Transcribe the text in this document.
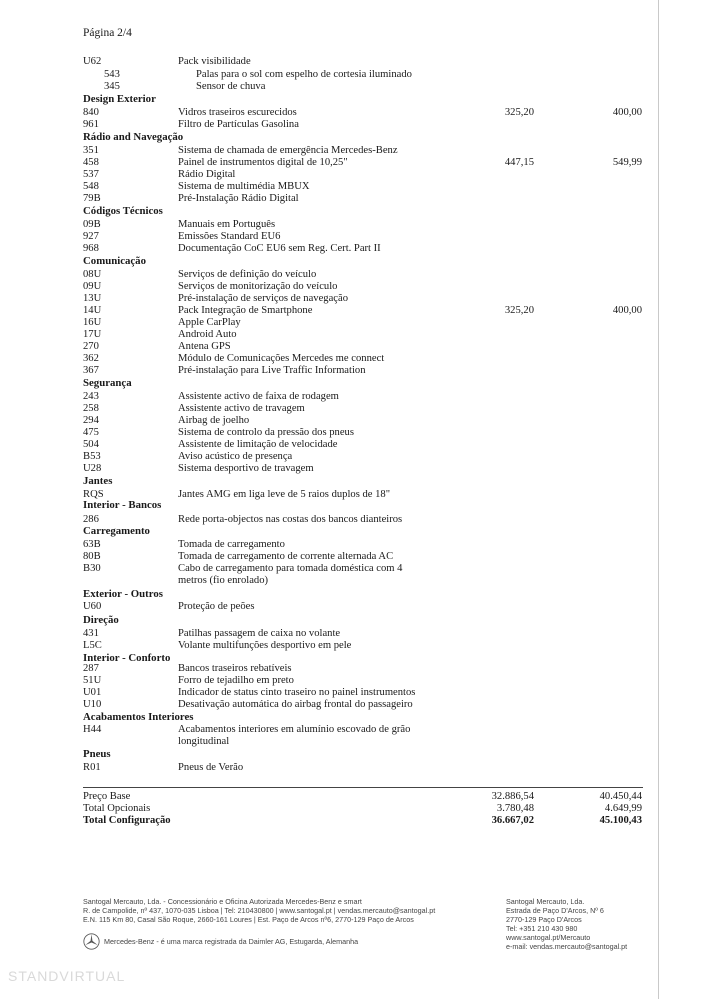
Página 2/4
U62	Pack visibilidade
543	Palas para o sol com espelho de cortesia iluminado
345	Sensor de chuva
Design Exterior
840	Vidros traseiros escurecidos	325,20	400,00
961	Filtro de Partículas Gasolina
Rádio and Navegação
351	Sistema de chamada de emergência Mercedes-Benz
458	Painel de instrumentos digital de 10,25"	447,15	549,99
537	Rádio Digital
548	Sistema de multimédia MBUX
79B	Pré-Instalação Rádio Digital
Códigos Técnicos
09B	Manuais em Português
927	Emissões Standard EU6
968	Documentação CoC EU6 sem Reg. Cert. Part II
Comunicação
08U	Serviços de definição do veículo
09U	Serviços de monitorização do veículo
13U	Pré-instalação de serviços de navegação
14U	Pack Integração de Smartphone	325,20	400,00
16U	Apple CarPlay
17U	Android Auto
270	Antena GPS
362	Módulo de Comunicações Mercedes me connect
367	Pré-instalação para Live Traffic Information
Segurança
243	Assistente activo de faixa de rodagem
258	Assistente activo de travagem
294	Airbag de joelho
475	Sistema de controlo da pressão dos pneus
504	Assistente de limitação de velocidade
B53	Aviso acústico de presença
U28	Sistema desportivo de travagem
Jantes
RQS	Jantes AMG em liga leve de 5 raios duplos de 18"
Interior - Bancos
286	Rede porta-objectos nas costas dos bancos dianteiros
Carregamento
63B	Tomada de carregamento
80B	Tomada de carregamento de corrente alternada AC
B30	Cabo de carregamento para tomada doméstica com 4
metros (fio enrolado)
Exterior - Outros
U60	Proteção de peões
Direção
431	Patilhas passagem de caixa no volante
L5C	Volante multifunções desportivo em pele
Interior - Conforto
287	Bancos traseiros rebatíveis
51U	Forro de tejadilho em preto
U01	Indicador de status cinto traseiro no painel instrumentos
U10	Desativação automática do airbag frontal do passageiro
Acabamentos Interiores
H44	Acabamentos interiores em alumínio escovado de grão
longitudinal
Pneus
R01	Pneus de Verão
Preço Base	32.886,54	40.450,44
Total Opcionais	3.780,48	4.649,99
Total Configuração	36.667,02	45.100,43
Santogal Mercauto, Lda. - Concessionário e Oficina Autorizada Mercedes-Benz e smart
R. de Campolide, nº 437, 1070-035 Lisboa | Tel: 210430800 | www.santogal.pt | vendas.mercauto@santogal.pt
E.N. 115 Km 80, Casal São Roque, 2660-161 Loures | Est. Paço de Arcos nº6, 2770-129 Paço de Arcos
Santogal Mercauto, Lda.
Estrada de Paço D'Arcos, Nº 6
2770-129 Paço D'Arcos
Tel: +351 210 430 980
www.santogal.pt/Mercauto
e-mail: vendas.mercauto@santogal.pt
Mercedes-Benz - é uma marca registrada da Daimler AG, Estugarda, Alemanha
STANDVIRTUAL
